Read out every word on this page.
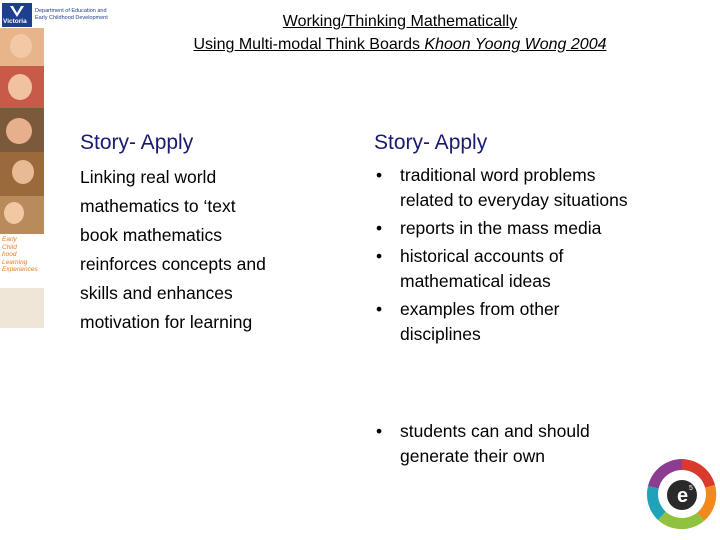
Early
Child
hood
Learning
Experiences
Victoria
Department of Education and
Early Childhood Development	Working/Thinking Mathematically
Using Multi-modal Think Boards Khoon Yoong Wong 2004
Story- Apply
Linking real world
mathematics to ‘text
book mathematics
reinforces concepts and
skills and enhances
motivation for learning
Story- Apply
•	traditional word problems
related to everyday situations
•	reports in the mass media
•	historical accounts of
mathematical ideas
•	examples from other
disciplines
•	students can and should
generate their own
e 5
